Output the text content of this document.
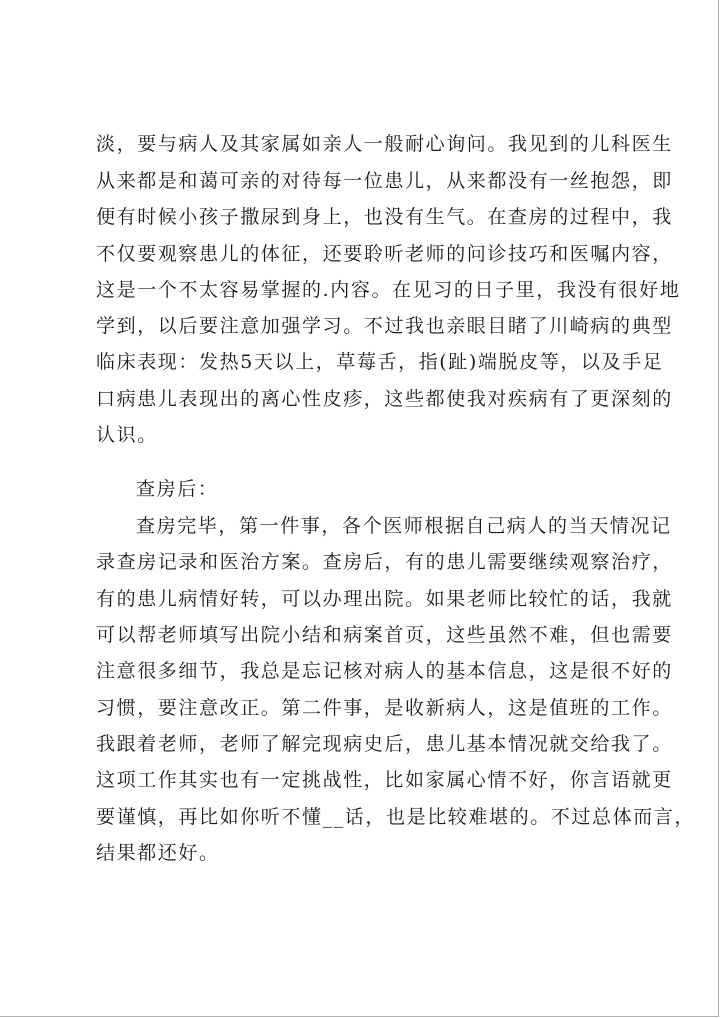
淡，要与病人及其家属如亲人一般耐心询问。我见到的儿科医生

从来都是和蔼可亲的对待每一位患儿，从来都没有一丝抱怨，即

便有时候小孩子撒尿到身上，也没有生气。在查房的过程中，我

不仅要观察患儿的体征，还要聆听老师的问诊技巧和医嘱内容，

这是一个不太容易掌握的.内容。在见习的日子里，我没有很好地

学到，以后要注意加强学习。不过我也亲眼目睹了川崎病的典型

临床表现：发热5天以上，草莓舌，指(趾)端脱皮等，以及手足

口病患儿表现出的离心性皮疹，这些都使我对疾病有了更深刻的

认识。

查房后：

查房完毕，第一件事，各个医师根据自己病人的当天情况记

录查房记录和医治方案。查房后，有的患儿需要继续观察治疗，

有的患儿病情好转，可以办理出院。如果老师比较忙的话，我就

可以帮老师填写出院小结和病案首页，这些虽然不难，但也需要

注意很多细节，我总是忘记核对病人的基本信息，这是很不好的

习惯，要注意改正。第二件事，是收新病人，这是值班的工作。

我跟着老师，老师了解完现病史后，患儿基本情况就交给我了。

这项工作其实也有一定挑战性，比如家属心情不好，你言语就更

要谨慎，再比如你听不懂__话，也是比较难堪的。不过总体而言，

结果都还好。
